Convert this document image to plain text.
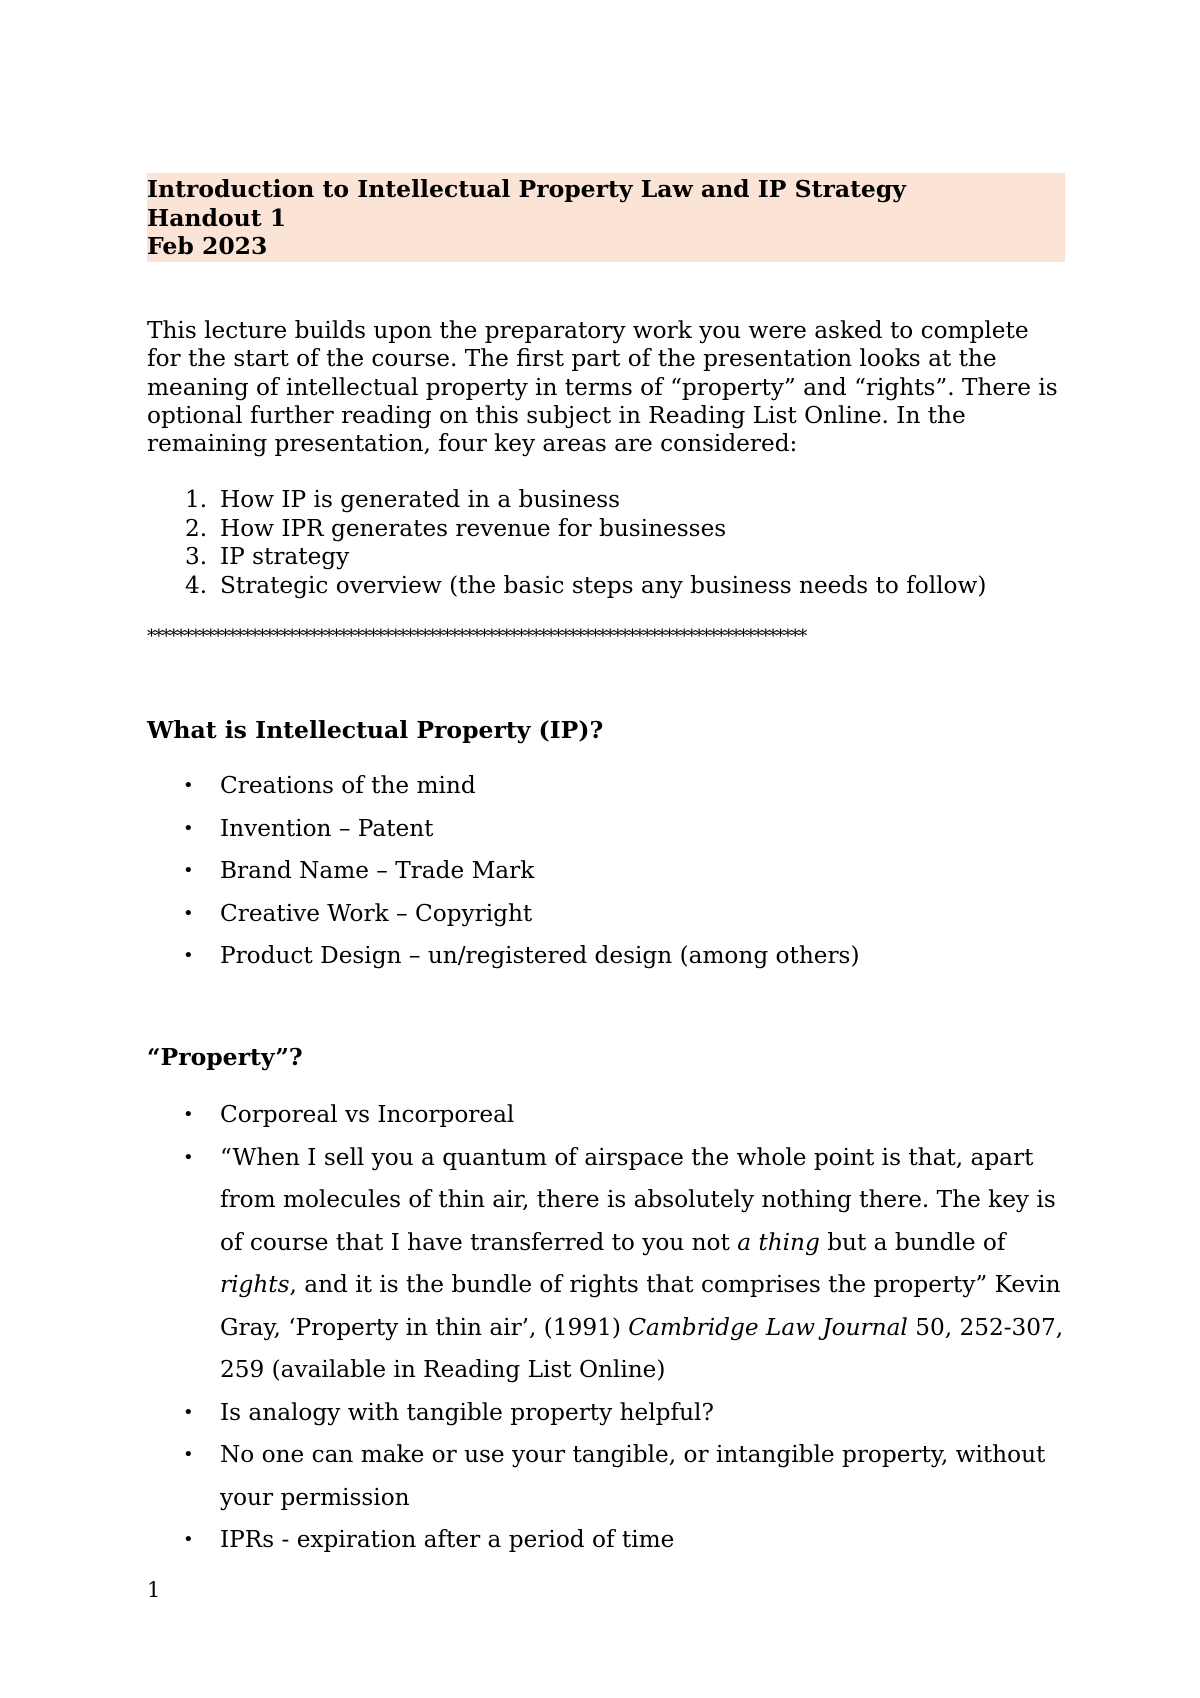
Introduction to Intellectual Property Law and IP Strategy
Handout 1
Feb 2023

This lecture builds upon the preparatory work you were asked to complete for the start of the course. The first part of the presentation looks at the meaning of intellectual property in terms of “property” and “rights”. There is optional further reading on this subject in Reading List Online. In the remaining presentation, four key areas are considered:

1. How IP is generated in a business
2. How IPR generates revenue for businesses
3. IP strategy
4. Strategic overview (the basic steps any business needs to follow)
*****************************************************************************************
What is Intellectual Property (IP)?
• Creations of the mind
• Invention – Patent
• Brand Name – Trade Mark
• Creative Work – Copyright
• Product Design – un/registered design (among others)
“Property”?
• Corporeal vs Incorporeal
• “When I sell you a quantum of airspace the whole point is that, apart from molecules of thin air, there is absolutely nothing there. The key is of course that I have transferred to you not a thing but a bundle of rights, and it is the bundle of rights that comprises the property” Kevin Gray, ‘Property in thin air’, (1991) Cambridge Law Journal 50, 252-307, 259 (available in Reading List Online)
• Is analogy with tangible property helpful?
• No one can make or use your tangible, or intangible property, without your permission
• IPRs - expiration after a period of time
1
